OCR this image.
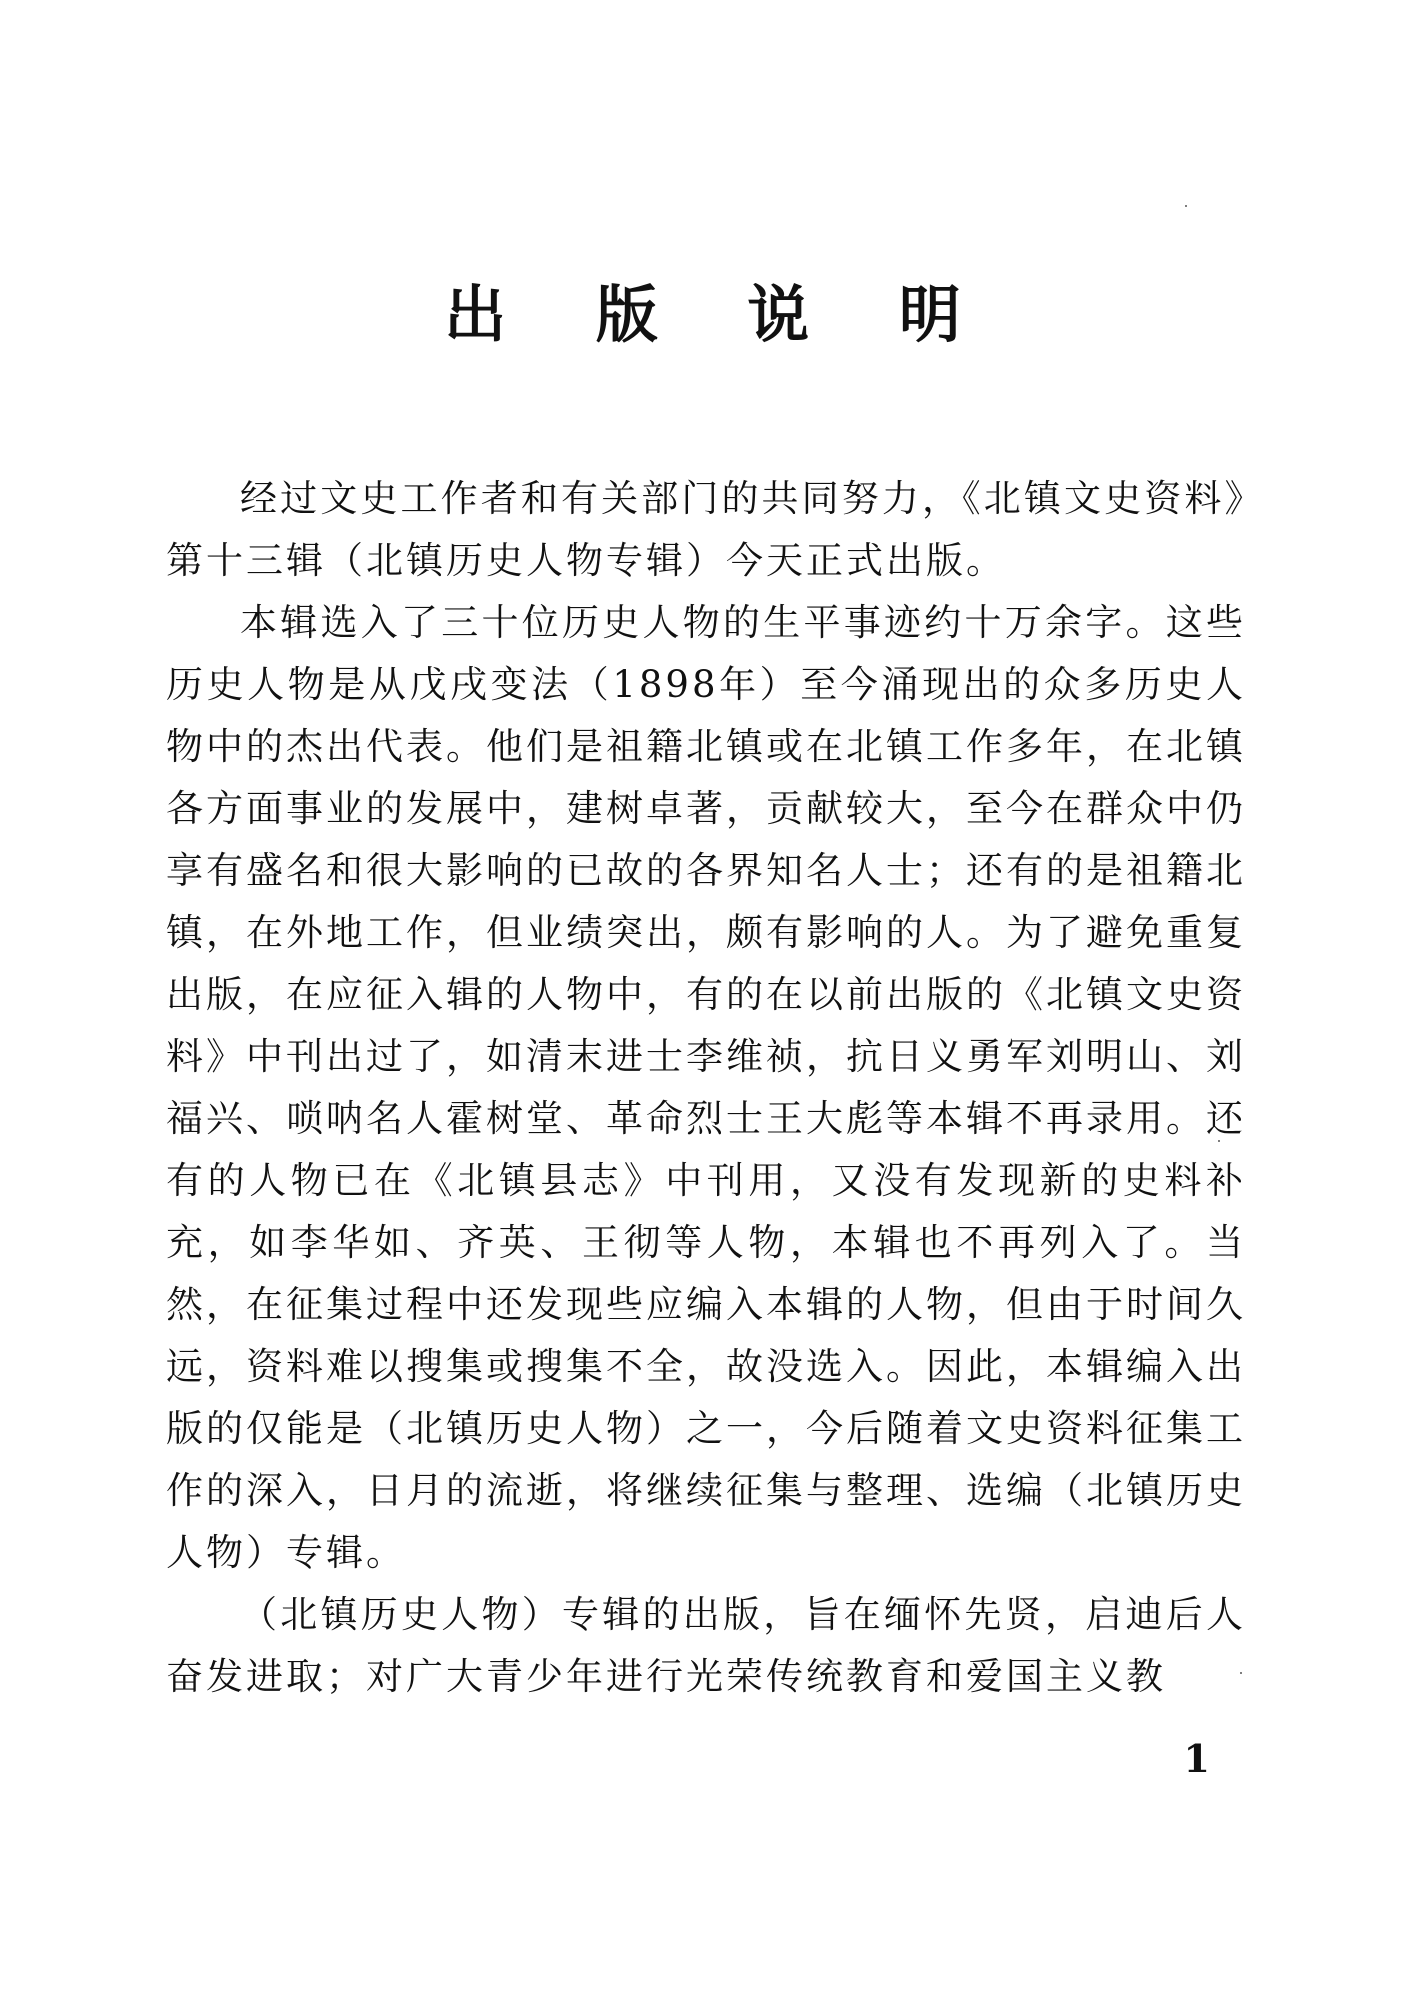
出 版 说 明

经过文史工作者和有关部门的共同努力，《北镇文史资料》第十三辑（北镇历史人物专辑）今天正式出版。

本辑选入了三十位历史人物的生平事迹约十万余字。这些历史人物是从戊戌变法（1898年）至今涌现出的众多历史人物中的杰出代表。他们是祖籍北镇或在北镇工作多年，在北镇各方面事业的发展中，建树卓著，贡献较大，至今在群众中仍享有盛名和很大影响的已故的各界知名人士；还有的是祖籍北镇，在外地工作，但业绩突出，颇有影响的人。为了避免重复出版，在应征入辑的人物中，有的在以前出版的《北镇文史资料》中刊出过了，如清末进士李维祯，抗日义勇军刘明山、刘福兴、唢呐名人霍树堂、革命烈士王大彪等本辑不再录用。还有的人物已在《北镇县志》中刊用，又没有发现新的史料补充，如李华如、齐英、王彻等人物，本辑也不再列入了。当然，在征集过程中还发现些应编入本辑的人物，但由于时间久远，资料难以搜集或搜集不全，故没选入。因此，本辑编入出版的仅能是（北镇历史人物）之一，今后随着文史资料征集工作的深入，日月的流逝，将继续征集与整理、选编（北镇历史人物）专辑。

（北镇历史人物）专辑的出版，旨在缅怀先贤，启迪后人奋发进取；对广大青少年进行光荣传统教育和爱国主义教

1
